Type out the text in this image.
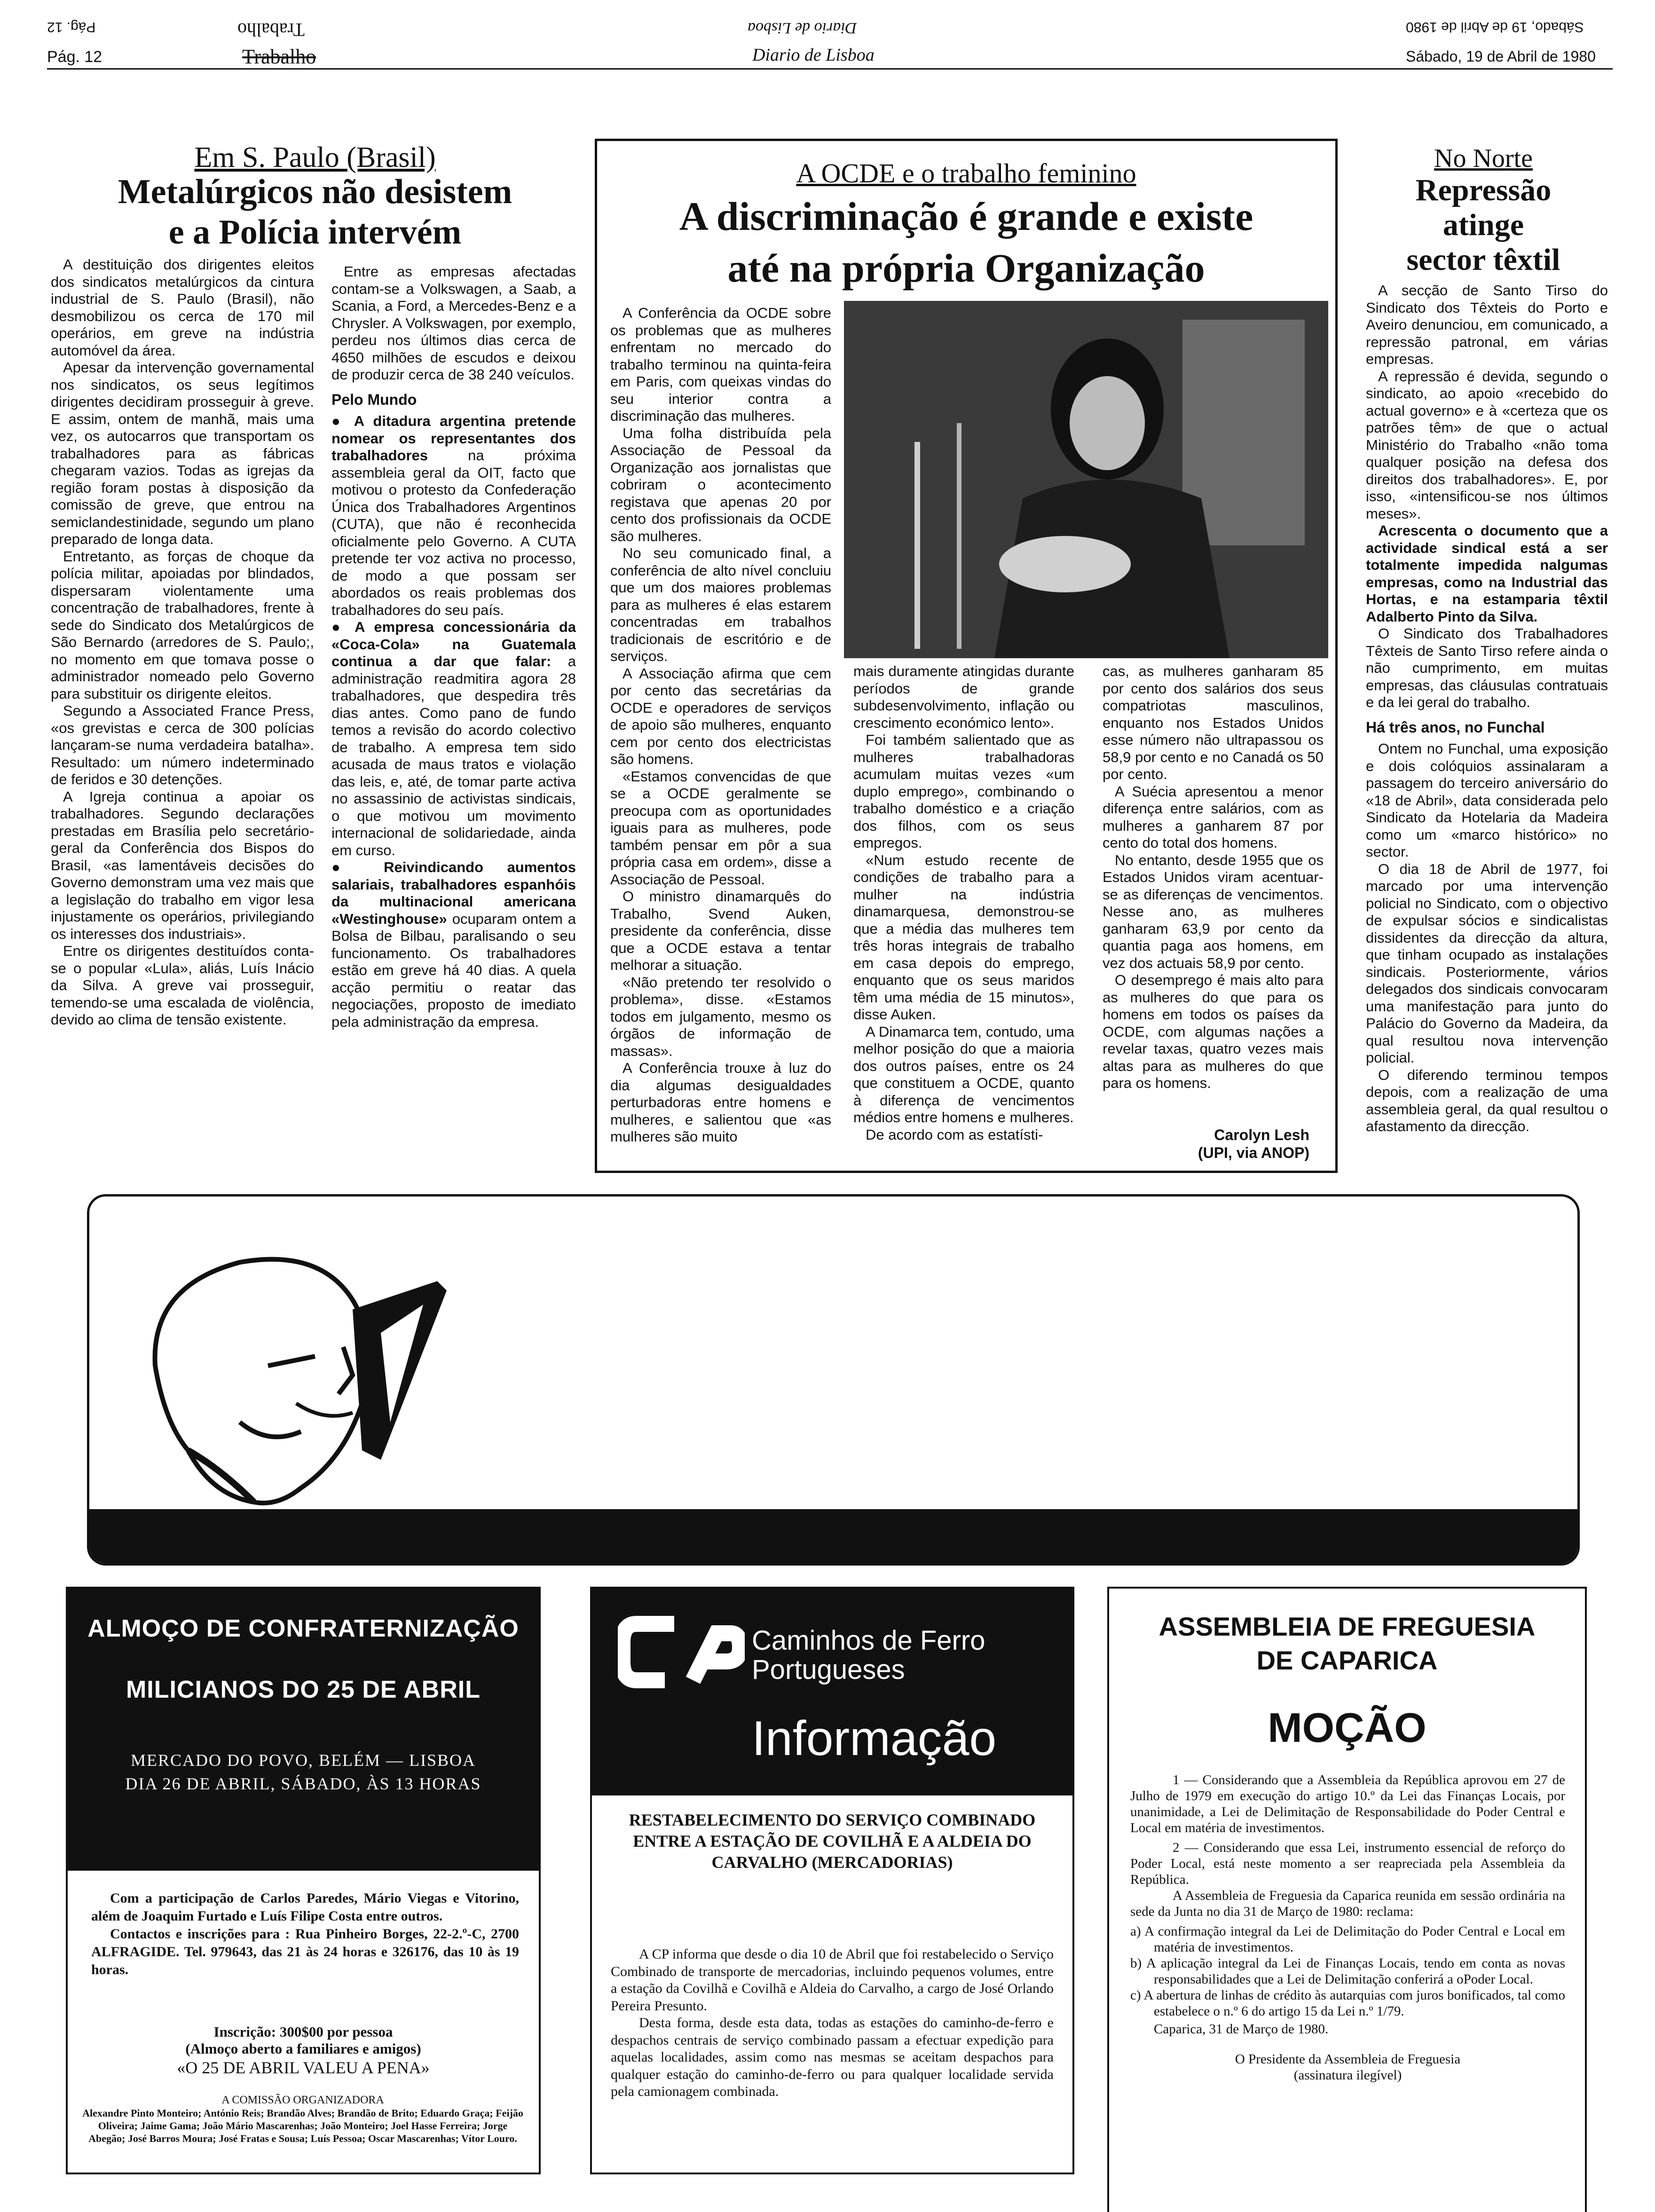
Pág. 12
Pág. 12	Trabalho
Trabalho	Diario de Lisboa
Diario de Lisboa
Sábado, 19 de Abril de 1980
Sábado, 19 de Abril de 1980
Em S. Paulo (Brasil)
Metalúrgicos não desistem
e a Polícia intervém

A destituição dos dirigentes eleitos dos sindicatos metalúrgicos da cintura industrial de S. Paulo (Brasil), não desmobilizou os cerca de 170 mil operários, em greve na indústria automóvel da área.

Apesar da intervenção governamental nos sindicatos, os seus legítimos dirigentes decidiram prosseguir à greve. E assim, ontem de manhã, mais uma vez, os autocarros que transportam os trabalhadores para as fábricas chegaram vazios. Todas as igrejas da região foram postas à disposição da comissão de greve, que entrou na semiclandestinidade, segundo um plano preparado de longa data.

Entretanto, as forças de choque da polícia militar, apoiadas por blindados, dispersaram violentamente uma concentração de trabalhadores, frente à sede do Sindicato dos Metalúrgicos de São Bernardo (arredores de S. Paulo;, no momento em que tomava posse o administrador nomeado pelo Governo para substituir os dirigente eleitos.

Segundo a Associated France Press, «os grevistas e cerca de 300 polícias lançaram-se numa verdadeira batalha». Resultado: um número indeterminado de feridos e 30 detenções.

A Igreja continua a apoiar os trabalhadores. Segundo declarações prestadas em Brasília pelo secretário-geral da Conferência dos Bispos do Brasil, «as lamentáveis decisões do Governo demonstram uma vez mais que a legislação do trabalho em vigor lesa injustamente os operários, privilegiando os interesses dos industriais».

Entre os dirigentes destituídos conta-se o popular «Lula», aliás, Luís Inácio da Silva. A greve vai prosseguir, temendo-se uma escalada de violência, devido ao clima de tensão existente.

Entre as empresas afectadas contam-se a Volkswagen, a Saab, a Scania, a Ford, a Mercedes-Benz e a Chrysler. A Volkswagen, por exemplo, perdeu nos últimos dias cerca de 4650 milhões de escudos e deixou de produzir cerca de 38 240 veículos.

Pelo Mundo

● A ditadura argentina pretende nomear os representantes dos trabalhadores	na próxima assembleia geral da OIT, facto que motivou o protesto da Confederação Única dos Trabalhadores Argentinos (CUTA), que não é reconhecida oficialmente pelo Governo. A CUTA pretende ter voz activa no processo, de modo a que possam ser abordados os reais problemas dos trabalhadores do seu país.

● A empresa concessionária da «Coca-Cola» na Guatemala continua a dar que falar: a administração readmitira agora 28 trabalhadores, que despedira três dias antes. Como pano de fundo temos a revisão do acordo colectivo de trabalho. A empresa tem sido acusada de maus tratos e violação das leis, e, até, de tomar parte activa no assassinio de activistas sindicais, o que motivou um movimento internacional de solidariedade, ainda em curso.

● Reivindicando aumentos salariais, trabalhadores espanhóis da multinacional americana «Westinghouse» ocuparam ontem a Bolsa de Bilbau, paralisando o seu funcionamento. Os trabalhadores estão em greve há 40 dias. A quela acção permitiu o reatar das negociações, proposto de imediato pela administração da empresa.

A OCDE e o trabalho feminino
A discriminação é grande e existe
até na própria Organização

A Conferência da OCDE sobre os problemas que as mulheres enfrentam no mercado do trabalho terminou na quinta-feira em Paris, com queixas vindas do seu interior contra a discriminação das mulheres.

Uma folha distribuída pela Associação de Pessoal da Organização aos jornalistas que cobriram o acontecimento registava que apenas 20 por cento dos profissionais da OCDE são mulheres.

No seu comunicado final, a conferência de alto nível concluiu que um dos maiores problemas para as mulheres é elas estarem concentradas em trabalhos tradicionais de escritório e de serviços.

A Associação afirma que cem por cento das secretárias da OCDE e operadores de serviços de apoio são mulheres, enquanto cem por cento dos electricistas são homens.

«Estamos convencidas de que se a OCDE geralmente se preocupa com as oportunidades iguais para as mulheres, pode também pensar em pôr a sua própria casa em ordem», disse a Associação de Pessoal.

O ministro dinamarquês do Trabalho, Svend Auken, presidente da conferência, disse que a OCDE estava a tentar melhorar a situação.

«Não pretendo ter resolvido o problema», disse. «Estamos todos em julgamento, mesmo os órgãos de informação de massas».

A Conferência trouxe à luz do dia algumas desigualdades perturbadoras entre homens e mulheres, e salientou que «as mulheres são muito

mais duramente atingidas durante períodos de grande subdesenvolvimento, inflação ou crescimento económico lento».

Foi também salientado que as mulheres trabalhadoras acumulam muitas vezes «um duplo emprego», combinando o trabalho doméstico e a criação dos filhos, com os seus empregos.

«Num estudo recente de condições de trabalho para a mulher na indústria dinamarquesa, demonstrou-se que a média das mulheres tem três horas integrais de trabalho em casa depois do emprego, enquanto que os seus maridos têm uma média de 15 minutos», disse Auken.

A Dinamarca tem, contudo, uma melhor posição do que a maioria dos outros países, entre os 24 que constituem a OCDE, quanto à diferença de vencimentos médios entre homens e mulheres.

De acordo com as estatísti-

cas, as mulheres ganharam 85 por cento dos salários dos seus compatriotas masculinos, enquanto nos Estados Unidos esse número não ultrapassou os 58,9 por cento e no Canadá os 50 por cento.

A Suécia apresentou a menor diferença entre salários, com as mulheres a ganharem 87 por cento do total dos homens.

No entanto, desde 1955 que os Estados Unidos viram acentuar-se as diferenças de vencimentos. Nesse ano, as mulheres ganharam 63,9 por cento da quantia paga aos homens, em vez dos actuais 58,9 por cento.

O desemprego é mais alto para as mulheres do que para os homens em todos os países da OCDE, com algumas nações a revelar taxas, quatro vezes mais altas para as mulheres do que para os homens.

Carolyn Lesh
(UPI, via ANOP)
No Norte
Repressão
atinge
sector têxtil

A secção de Santo Tirso do Sindicato dos Têxteis do Porto e Aveiro denunciou, em comunicado, a repressão patronal, em várias empresas.

A repressão é devida, segundo o sindicato, ao apoio «recebido do actual governo» e à «certeza que os patrões têm» de que o actual Ministério do Trabalho «não toma qualquer posição na defesa dos direitos dos trabalhadores». E, por isso, «intensificou-se nos últimos meses».

Acrescenta o documento que a actividade sindical está a ser totalmente impedida nalgumas empresas, como na Industrial das Hortas, e na estamparia têxtil Adalberto Pinto da Silva.

O Sindicato dos Trabalhadores Têxteis de Santo Tirso refere ainda o não cumprimento, em muitas empresas, das cláusulas contratuais e da lei geral do trabalho.

Há três anos, no Funchal

Ontem no Funchal, uma exposição e dois colóquios assinalaram a passagem do terceiro aniversário do «18 de Abril», data considerada pelo Sindicato da Hotelaria da Madeira como um «marco histórico» no sector.

O dia 18 de Abril de 1977, foi marcado por uma intervenção policial no Sindicato, com o objectivo de expulsar sócios e sindicalistas dissidentes da direcção da altura, que tinham ocupado as instalações sindicais. Posteriormente, vários delegados dos sindicais convocaram uma manifestação para junto do Palácio do Governo da Madeira, da qual resultou nova intervenção policial.

O diferendo terminou tempos depois, com a realização de uma assembleia geral, da qual resultou o afastamento da direcção.

ALMOÇO DE CONFRATERNIZAÇÃO
MILICIANOS DO 25 DE ABRIL
MERCADO DO POVO, BELÉM — LISBOA
DIA 26 DE ABRIL, SÁBADO, ÀS 13 HORAS
Com a participação de Carlos Paredes, Mário Viegas e Vitorino, além de Joaquim Furtado e Luís Filipe Costa entre outros.
Contactos e inscrições para : Rua Pinheiro Borges, 22-2.º-C, 2700 ALFRAGIDE. Tel. 979643, das 21 às 24 horas e 326176, das 10 às 19 horas.
Inscrição: 300$00 por pessoa
(Almoço aberto a familiares e amigos)
«O 25 DE ABRIL VALEU A PENA»
A COMISSÃO ORGANIZADORA
Alexandre Pinto Monteiro; António Reis; Brandão Alves; Brandão de Brito; Eduardo Graça; Feijão Oliveira; Jaime Gama; João Mário Mascarenhas; João Monteiro; Joel Hasse Ferreira; Jorge Abegão; José Barros Moura; José Fratas e Sousa; Luís Pessoa; Oscar Mascarenhas; Vítor Louro.
Caminhos de Ferro
Portugueses
Informação
RESTABELECIMENTO DO SERVIÇO COMBINADO ENTRE A ESTAÇÃO DE COVILHÃ E A ALDEIA DO CARVALHO (MERCADORIAS)
A CP informa que desde o dia 10 de Abril que foi restabelecido o Serviço Combinado de transporte de mercadorias, incluindo pequenos volumes, entre a estação da Covilhã e Covilhã e Aldeia do Carvalho, a cargo de José Orlando Pereira Presunto.
Desta forma, desde esta data, todas as estações do caminho-de-ferro e despachos centrais de serviço combinado passam a efectuar expedição para aquelas localidades, assim como nas mesmas se aceitam despachos para qualquer estação do caminho-de-ferro ou para qualquer localidade servida pela camionagem combinada.
ASSEMBLEIA DE FREGUESIA
DE CAPARICA
MOÇÃO
1 — Considerando que a Assembleia da República aprovou em 27 de Julho de 1979 em execução do artigo 10.º da Lei das Finanças Locais, por unanimidade, a Lei de Delimitação de Responsabilidade do Poder Central e Local em matéria de investimentos.
2 — Considerando que essa Lei, instrumento essencial de reforço do Poder Local, está neste momento a ser reapreciada pela Assembleia da República.
A Assembleia de Freguesia da Caparica reunida em sessão ordinária na sede da Junta no dia 31 de Março de 1980: reclama:
a) A confirmação integral da Lei de Delimitação do Poder Central e Local em matéria de investimentos.
b) A aplicação integral da Lei de Finanças Locais, tendo em conta as novas responsabilidades que a Lei de Delimitação conferirá a oPoder Local.
c) A abertura de linhas de crédito às autarquias com juros bonificados, tal como estabelece o n.º 6 do artigo 15 da Lei n.º 1/79.
Caparica, 31 de Março de 1980.
O Presidente da Assembleia de Freguesia
(assinatura ilegível)
